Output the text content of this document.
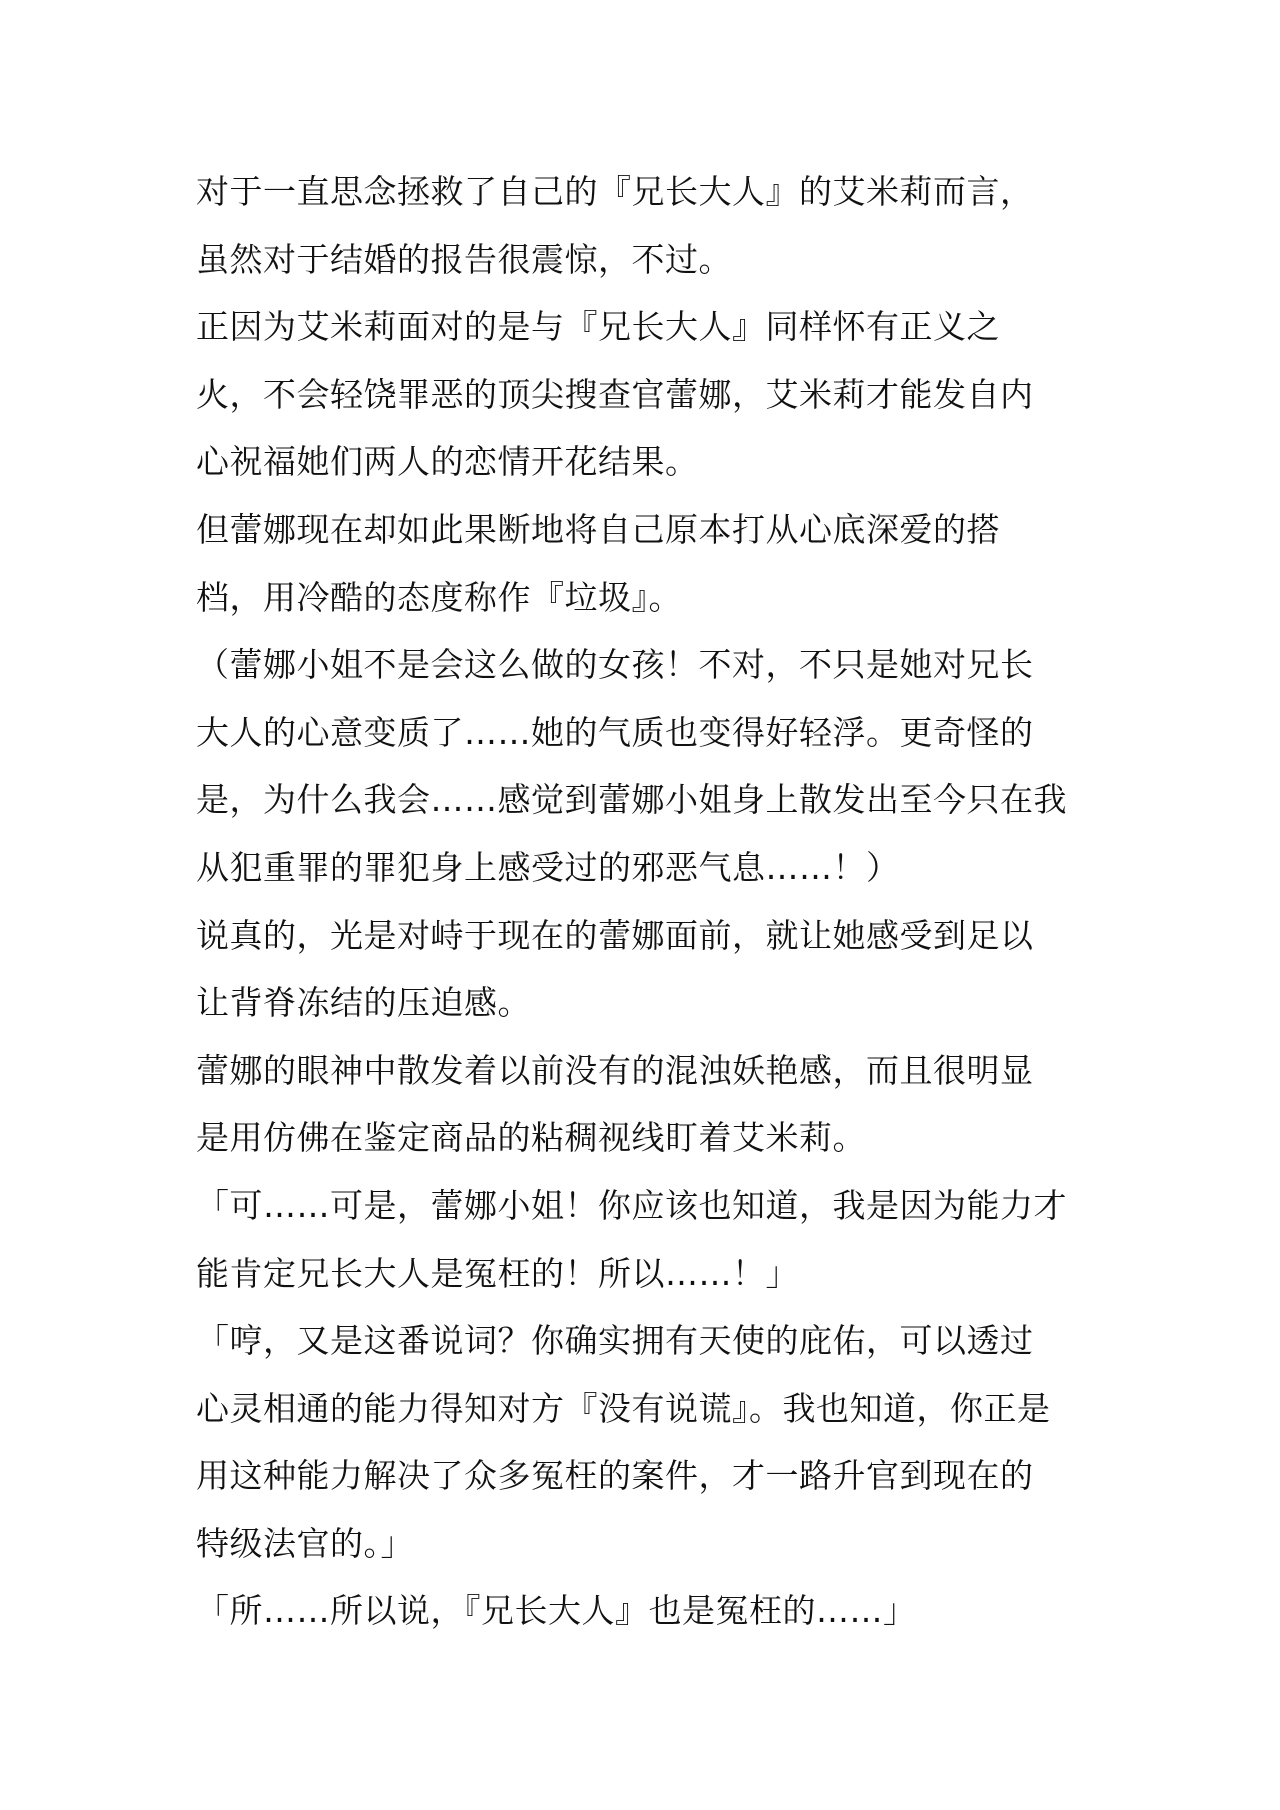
对于一直思念拯救了自己的『兄长大人』的艾米莉而言，
虽然对于结婚的报告很震惊，不过。
正因为艾米莉面对的是与『兄长大人』同样怀有正义之
火，不会轻饶罪恶的顶尖搜查官蕾娜，艾米莉才能发自内
心祝福她们两人的恋情开花结果。
但蕾娜现在却如此果断地将自己原本打从心底深爱的搭
档，用冷酷的态度称作『垃圾』。
（蕾娜小姐不是会这么做的女孩！不对，不只是她对兄长
大人的心意变质了……她的气质也变得好轻浮。更奇怪的
是，为什么我会……感觉到蕾娜小姐身上散发出至今只在我
从犯重罪的罪犯身上感受过的邪恶气息……！）
说真的，光是对峙于现在的蕾娜面前，就让她感受到足以
让背脊冻结的压迫感。
蕾娜的眼神中散发着以前没有的混浊妖艳感，而且很明显
是用仿佛在鉴定商品的粘稠视线盯着艾米莉。
「可……可是，蕾娜小姐！你应该也知道，我是因为能力才
能肯定兄长大人是冤枉的！所以……！」
「哼，又是这番说词？你确实拥有天使的庇佑，可以透过
心灵相通的能力得知对方『没有说谎』。我也知道，你正是
用这种能力解决了众多冤枉的案件，才一路升官到现在的
特级法官的。」
「所……所以说，『兄长大人』也是冤枉的……」
